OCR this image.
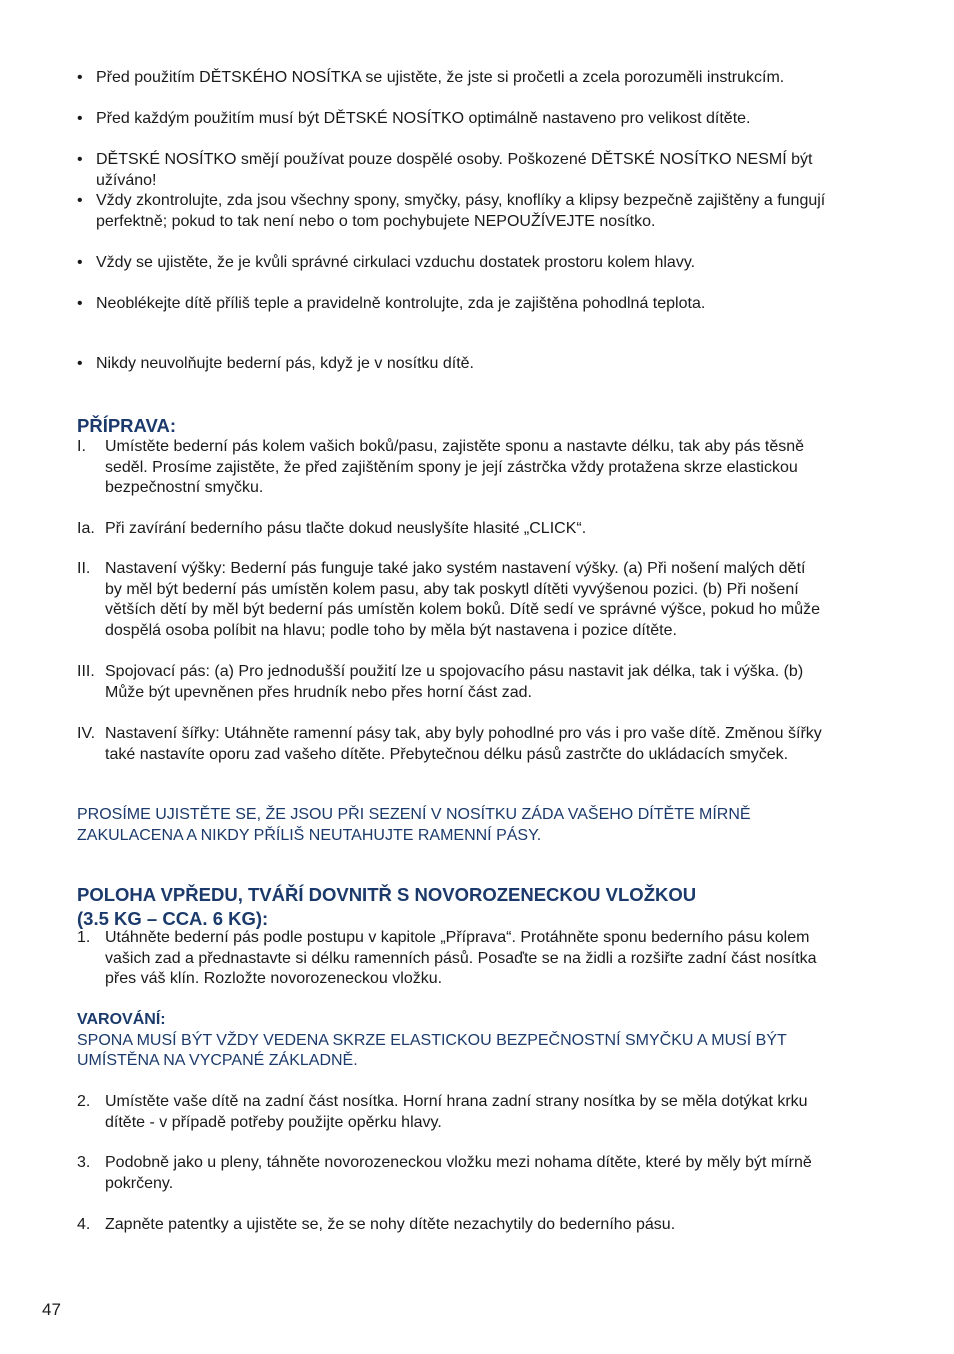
• Před použitím DĚTSKÉHO NOSÍTKA se ujistěte, že jste si pročetli a zcela porozuměli instrukcím.
• Před každým použitím musí být DĚTSKÉ NOSÍTKO optimálně nastaveno pro velikost dítěte.
• DĚTSKÉ NOSÍTKO smějí používat pouze dospělé osoby. Poškozené DĚTSKÉ NOSÍTKO NESMÍ být
užíváno!
• Vždy zkontrolujte, zda jsou všechny spony, smyčky, pásy, knoflíky a klipsy bezpečně zajištěny a fungují
perfektně; pokud to tak není nebo o tom pochybujete NEPOUŽÍVEJTE nosítko.
• Vždy se ujistěte, že je kvůli správné cirkulaci vzduchu dostatek prostoru kolem hlavy.
• Neoblékejte dítě příliš teple a pravidelně kontrolujte, zda je zajištěna pohodlná teplota.
• Nikdy neuvolňujte bederní pás, když je v nosítku dítě.
PŘÍPRAVA:
I. Umístěte bederní pás kolem vašich boků/pasu, zajistěte sponu a nastavte délku, tak aby pás těsně
seděl. Prosíme zajistěte, že před zajištěním spony je její zástrčka vždy protažena skrze elastickou
bezpečnostní smyčku.
Ia. Při zavírání bederního pásu tlačte dokud neuslyšíte hlasité „CLICK“.
II. Nastavení výšky: Bederní pás funguje také jako systém nastavení výšky. (a) Při nošení malých dětí
by měl být bederní pás umístěn kolem pasu, aby tak poskytl dítěti vyvýšenou pozici. (b) Při nošení
větších dětí by měl být bederní pás umístěn kolem boků. Dítě sedí ve správné výšce, pokud ho může
dospělá osoba políbit na hlavu; podle toho by měla být nastavena i pozice dítěte.
III. Spojovací pás: (a) Pro jednodušší použití lze u spojovacího pásu nastavit jak délka, tak i výška. (b)
Může být upevněnen přes hrudník nebo přes horní část zad.
IV. Nastavení šířky: Utáhněte ramenní pásy tak, aby byly pohodlné pro vás i pro vaše dítě. Změnou šířky
také nastavíte oporu zad vašeho dítěte. Přebytečnou délku pásů zastrčte do ukládacích smyček.
PROSÍME UJISTĚTE SE, ŽE JSOU PŘI SEZENÍ V NOSÍTKU ZÁDA VAŠEHO DÍTĚTE MÍRNĚ
ZAKULACENA A NIKDY PŘÍLIŠ NEUTAHUJTE RAMENNÍ PÁSY.
POLOHA VPŘEDU, TVÁŘÍ DOVNITŘ S NOVOROZENECKOU VLOŽKOU
(3.5 KG – CCA. 6 KG):
1. Utáhněte bederní pás podle postupu v kapitole „Příprava“. Protáhněte sponu bederního pásu kolem
vašich zad a přednastavte si délku ramenních pásů. Posaďte se na židli a rozšiřte zadní část nosítka
přes váš klín. Rozložte novorozeneckou vložku.
VAROVÁNÍ:
SPONA MUSÍ BÝT VŽDY VEDENA SKRZE ELASTICKOU BEZPEČNOSTNÍ SMYČKU A MUSÍ BÝT
UMÍSTĚNA NA VYCPANÉ ZÁKLADNĚ.
2. Umístěte vaše dítě na zadní část nosítka. Horní hrana zadní strany nosítka by se měla dotýkat krku
dítěte - v případě potřeby použijte opěrku hlavy.
3. Podobně jako u pleny, táhněte novorozeneckou vložku mezi nohama dítěte, které by měly být mírně
pokrčeny.
4. Zapněte patentky a ujistěte se, že se nohy dítěte nezachytily do bederního pásu.
47
